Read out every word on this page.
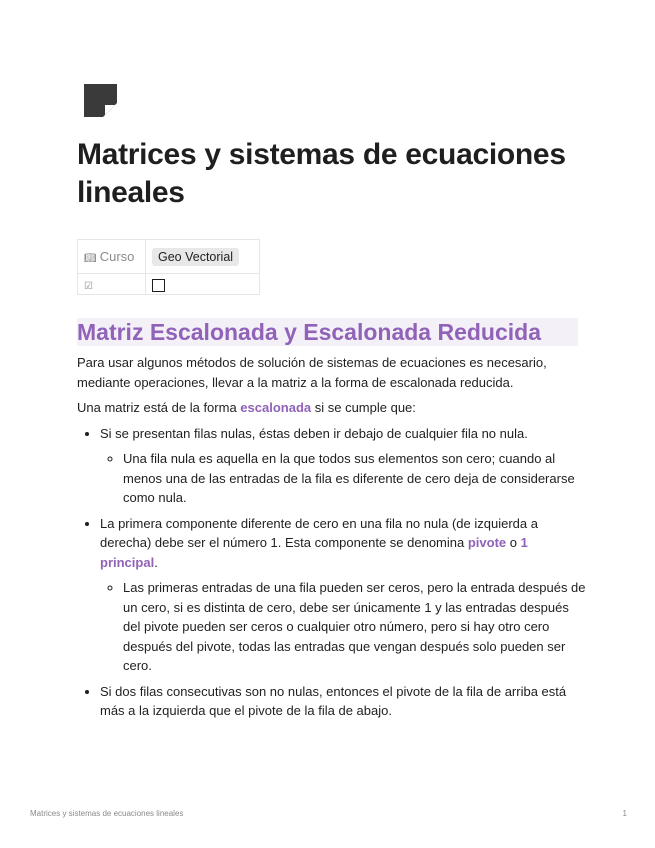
Matrices y sistemas de ecuaciones lineales
📖︎ Curso	Geo Vectorial
☑	
Matriz Escalonada y Escalonada Reducida

Para usar algunos métodos de solución de sistemas de ecuaciones es necesario, mediante operaciones, llevar a la matriz a la forma de escalonada reducida.

Una matriz está de la forma escalonada si se cumple que:

• Si se presentan filas nulas, éstas deben ir debajo de cualquier fila no nula.
◦ Una fila nula es aquella en la que todos sus elementos son cero; cuando al menos una de las entradas de la fila es diferente de cero deja de considerarse como nula.
• La primera componente diferente de cero en una fila no nula (de izquierda a derecha) debe ser el número 1. Esta componente se denomina pivote o 1 principal.
◦ Las primeras entradas de una fila pueden ser ceros, pero la entrada después de un cero, si es distinta de cero, debe ser únicamente 1 y las entradas después del pivote pueden ser ceros o cualquier otro número, pero si hay otro cero después del pivote, todas las entradas que vengan después solo pueden ser cero.
• Si dos filas consecutivas son no nulas, entonces el pivote de la fila de arriba está más a la izquierda que el pivote de la fila de abajo.
Matrices y sistemas de ecuaciones lineales	1
